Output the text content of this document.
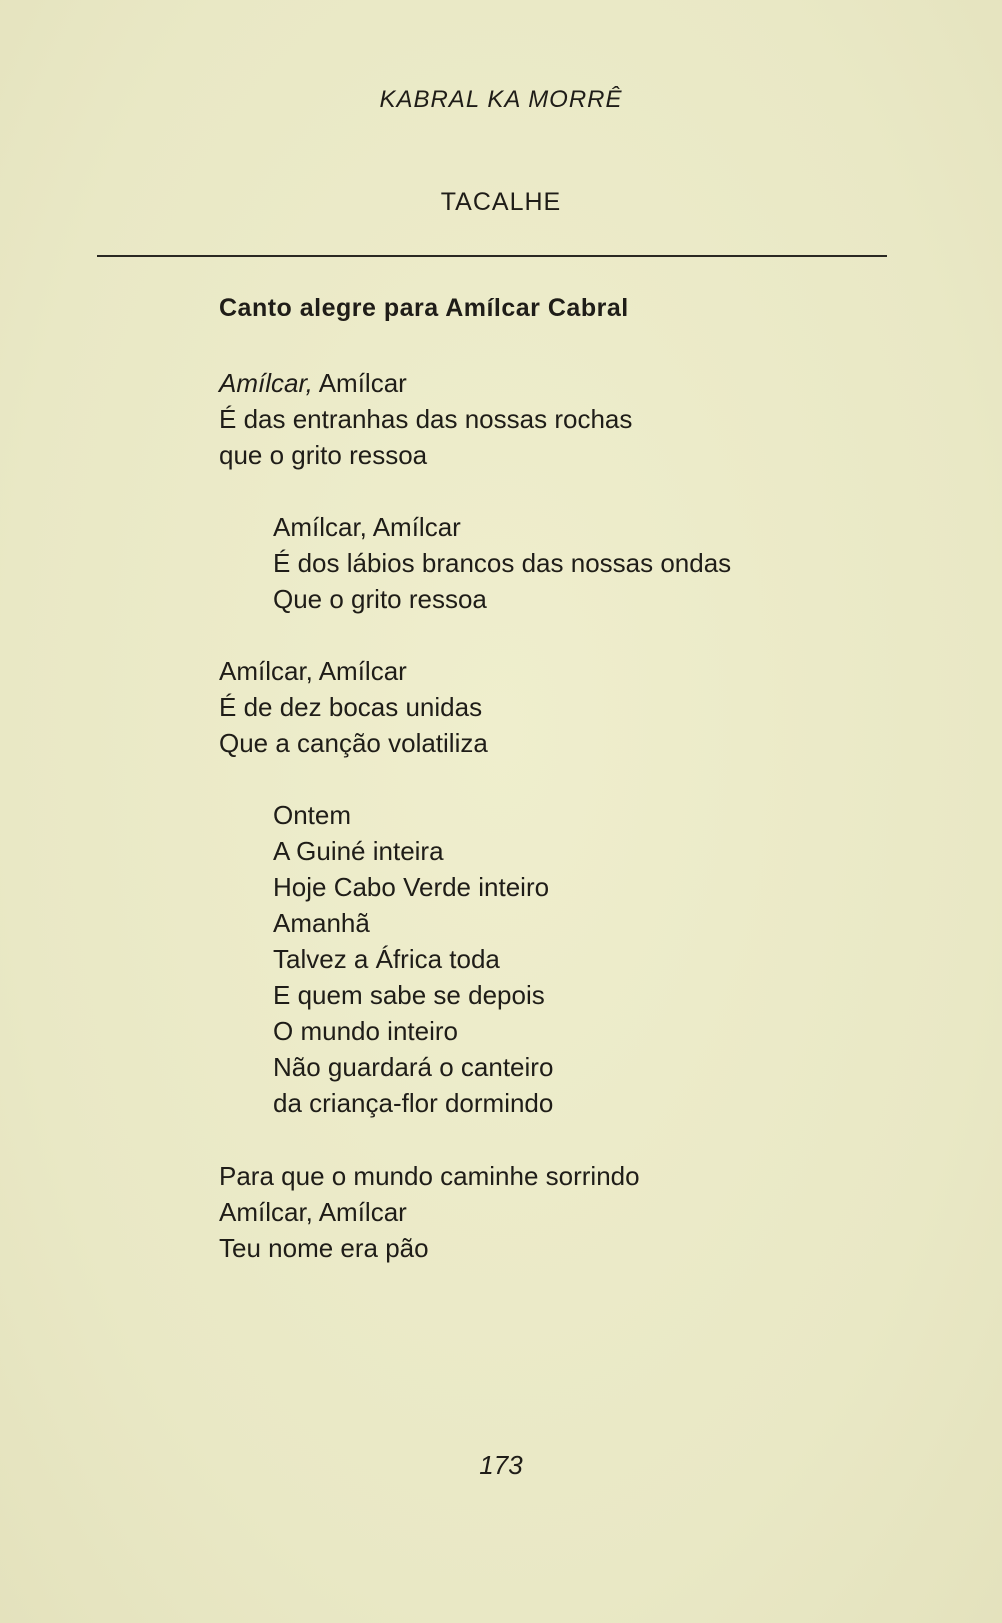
KABRAL KA MORRÊ
TACALHE
Canto alegre para Amílcar Cabral
Amílcar, Amílcar
É das entranhas das nossas rochas
que o grito ressoa
Amílcar, Amílcar
É dos lábios brancos das nossas ondas
Que o grito ressoa
Amílcar, Amílcar
É de dez bocas unidas
Que a canção volatiliza
Ontem
A Guiné inteira
Hoje Cabo Verde inteiro
Amanhã
Talvez a África toda
E quem sabe se depois
O mundo inteiro
Não guardará o canteiro
da criança-flor dormindo
Para que o mundo caminhe sorrindo
Amílcar, Amílcar
Teu nome era pão
173
